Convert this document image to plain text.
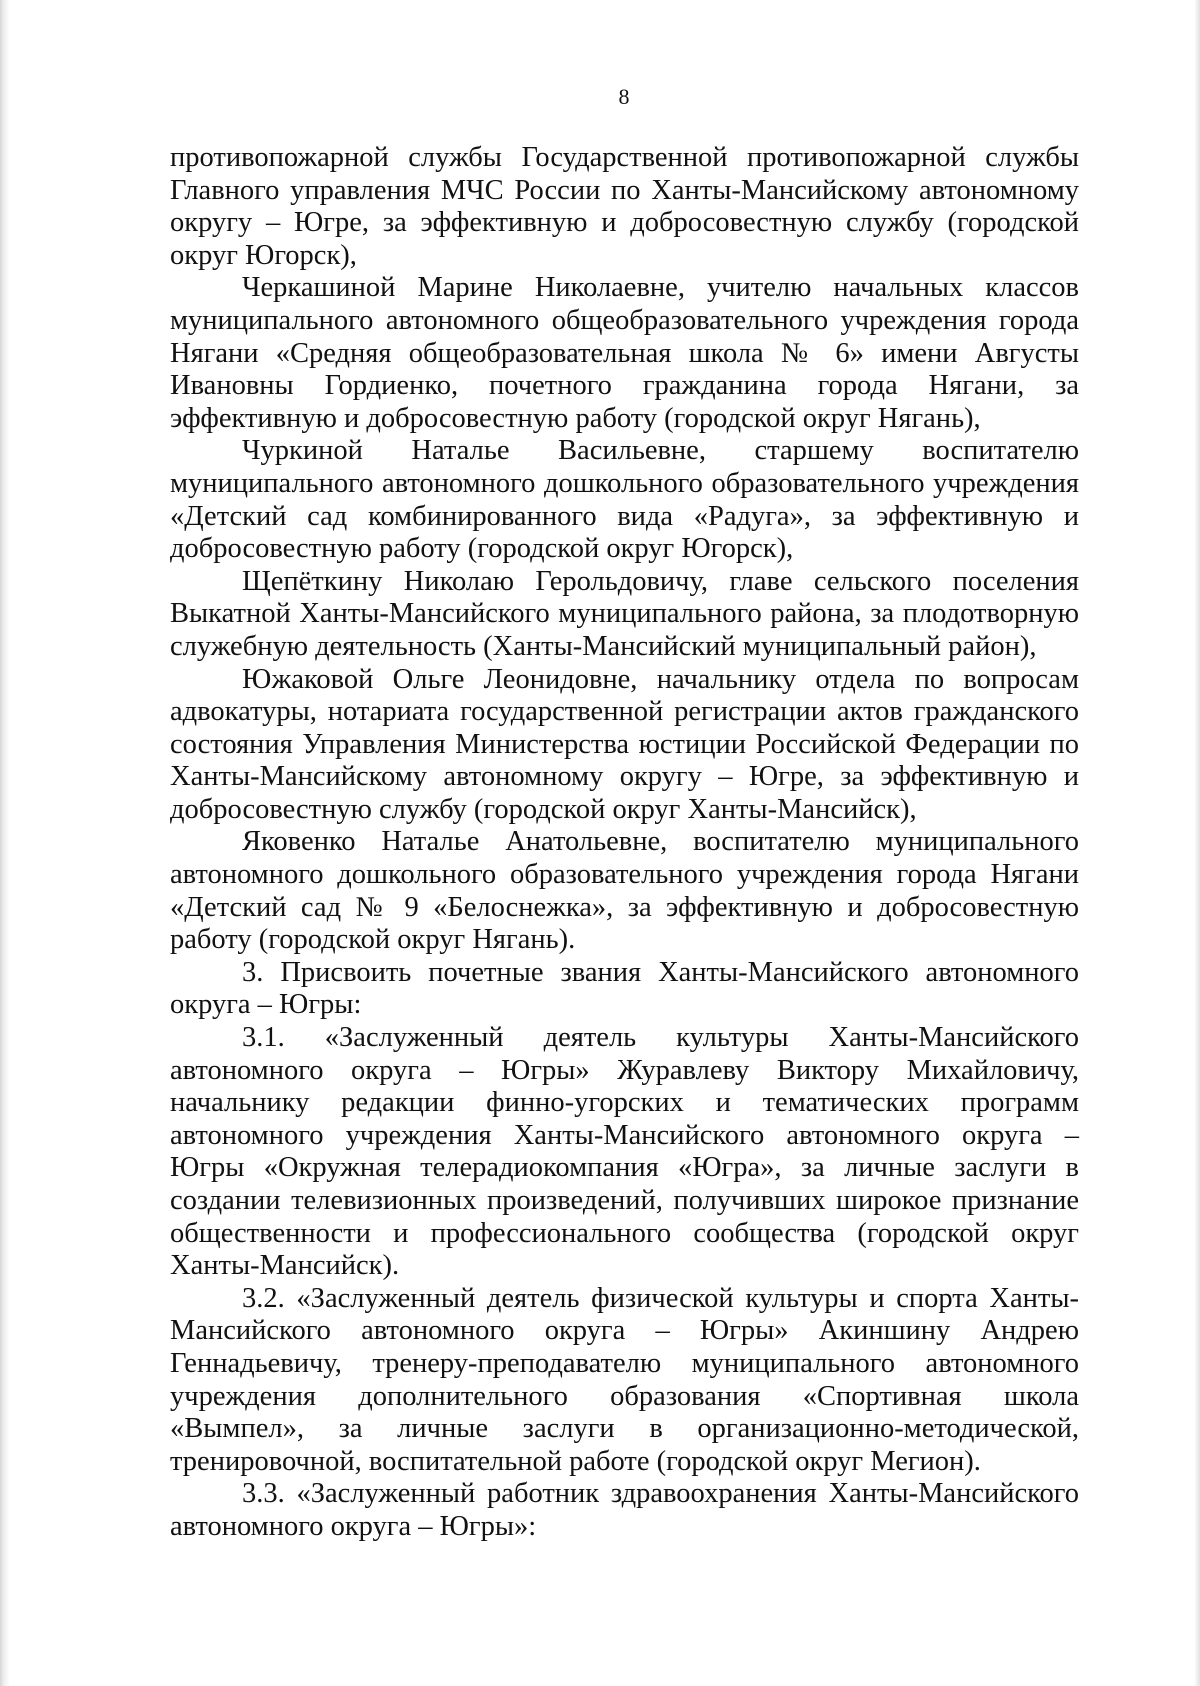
8

противопожарной службы Государственной противопожарной службы Главного управления МЧС России по Ханты-Мансийскому автономному округу – Югре, за эффективную и добросовестную службу (городской округ Югорск),

Черкашиной Марине Николаевне, учителю начальных классов муниципального автономного общеобразовательного учреждения города Нягани «Средняя общеобразовательная школа № 6» имени Августы Ивановны Гордиенко, почетного гражданина города Нягани, за эффективную и добросовестную работу (городской округ Нягань),

Чуркиной Наталье Васильевне, старшему воспитателю муниципального автономного дошкольного образовательного учреждения «Детский сад комбинированного вида «Радуга», за эффективную и добросовестную работу (городской округ Югорск),

Щепёткину Николаю Герольдовичу, главе сельского поселения Выкатной Ханты-Мансийского муниципального района, за плодотворную служебную деятельность (Ханты-Мансийский муниципальный район),

Южаковой Ольге Леонидовне, начальнику отдела по вопросам адвокатуры, нотариата государственной регистрации актов гражданского состояния Управления Министерства юстиции Российской Федерации по Ханты-Мансийскому автономному округу – Югре, за эффективную и добросовестную службу (городской округ Ханты-Мансийск),

Яковенко Наталье Анатольевне, воспитателю муниципального автономного дошкольного образовательного учреждения города Нягани «Детский сад № 9 «Белоснежка», за эффективную и добросовестную работу (городской округ Нягань).

3. Присвоить почетные звания Ханты-Мансийского автономного округа – Югры:

3.1. «Заслуженный деятель культуры Ханты-Мансийского автономного округа – Югры» Журавлеву Виктору Михайловичу, начальнику редакции финно-угорских и тематических программ автономного учреждения Ханты-Мансийского автономного округа – Югры «Окружная телерадиокомпания «Югра», за личные заслуги в создании телевизионных произведений, получивших широкое признание общественности и профессионального сообщества (городской округ Ханты-Мансийск).

3.2. «Заслуженный деятель физической культуры и спорта Ханты-Мансийского автономного округа – Югры» Акиншину Андрею Геннадьевичу, тренеру-преподавателю муниципального автономного учреждения дополнительного образования «Спортивная школа «Вымпел», за личные заслуги в организационно-методической, тренировочной, воспитательной работе (городской округ Мегион).

3.3. «Заслуженный работник здравоохранения Ханты-Мансийского автономного округа – Югры»:
